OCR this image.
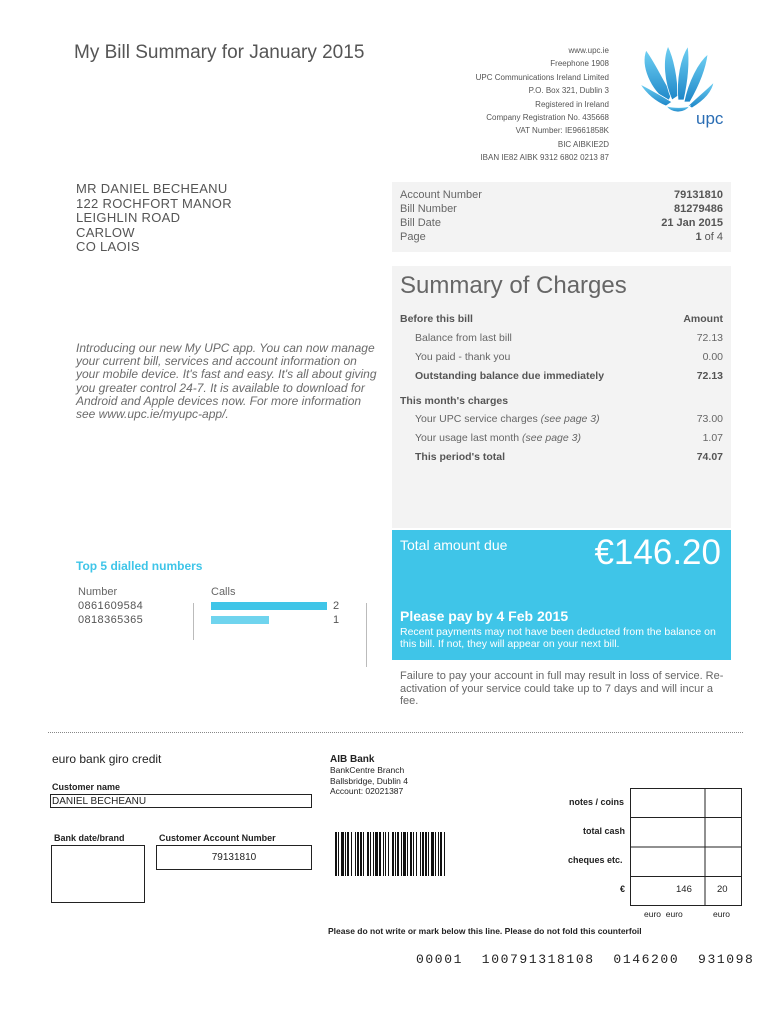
My Bill Summary for January 2015	www.upc.ie
Freephone 1908
UPC Communications Ireland Limited
P.O. Box 321, Dublin 3
Registered in Ireland
Company Registration No. 435668
VAT Number: IE9661858K
BIC AIBKIE2D
IBAN IE82 AIBK 9312 6802 0213 87
upc
MR DANIEL BECHEANU
122 ROCHFORT MANOR
LEIGHLIN ROAD
CARLOW
CO LAOIS
Account Number	79131810
Bill Number	81279486
Bill Date	21 Jan 2015
Page	1 of 4
Summary of Charges
Before this bill	Amount
Balance from last bill	72.13
You paid - thank you	0.00
Outstanding balance due immediately	72.13
This month's charges
Your UPC service charges (see page 3)	73.00
Your usage last month (see page 3)	1.07
This period's total	74.07
Introducing our new My UPC app. You can now manage your current bill, services and account information on your mobile device. It's fast and easy. It's all about giving you greater control 24-7. It is available to download for Android and Apple devices now. For more information see www.upc.ie/myupc-app/.
Total amount due €146.20
Please pay by 4 Feb 2015
Recent payments may not have been deducted from the balance on this bill. If not, they will appear on your next bill.
Failure to pay your account in full may result in loss of service. Re-activation of your service could take up to 7 days and will incur a fee.
Top 5 dialled numbers
Number	Calls
0861609584	2
0818365365	1
euro bank giro credit
Customer name
DANIEL BECHEANU
Bank date/brand	Customer Account Number
79131810
AIB Bank
BankCentre Branch
Ballsbridge, Dublin 4
Account: 02021387
notes / coins
total cash
cheques etc.
€	146	20
euro  euro	euro
Please do not write or mark below this line. Please do not fold this counterfoil
00001  100791318108  0146200  931098
